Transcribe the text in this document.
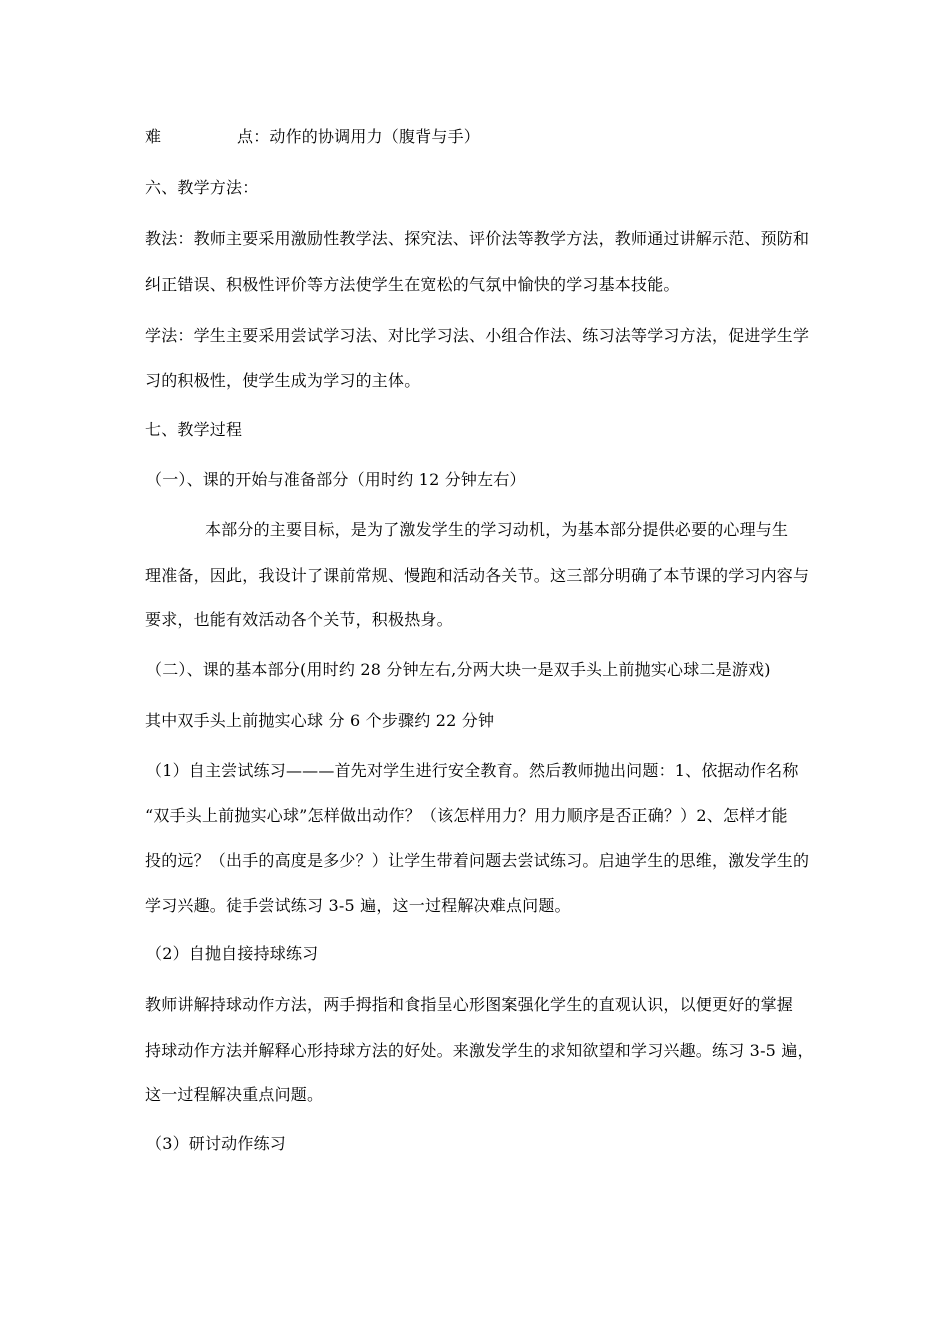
难	点：动作的协调用力（腹背与手）
六、教学方法：
教法：教师主要采用激励性教学法、探究法、评价法等教学方法，教师通过讲解示范、预防和
纠正错误、积极性评价等方法使学生在宽松的气氛中愉快的学习基本技能。
学法：学生主要采用尝试学习法、对比学习法、小组合作法、练习法等学习方法，促进学生学
习的积极性，使学生成为学习的主体。
七、教学过程
（一）、课的开始与准备部分（用时约 12 分钟左右）
本部分的主要目标，是为了激发学生的学习动机，为基本部分提供必要的心理与生
理准备，因此，我设计了课前常规、慢跑和活动各关节。这三部分明确了本节课的学习内容与
要求，也能有效活动各个关节，积极热身。
（二）、课的基本部分(用时约 28 分钟左右,分两大块一是双手头上前抛实心球二是游戏)
其中双手头上前抛实心球 分 6 个步骤约 22 分钟
（1）自主尝试练习———首先对学生进行安全教育。然后教师抛出问题：1、依据动作名称
“双手头上前抛实心球”怎样做出动作？（该怎样用力？用力顺序是否正确？）2、怎样才能
投的远？（出手的高度是多少？）让学生带着问题去尝试练习。启迪学生的思维，激发学生的
学习兴趣。徒手尝试练习 3-5 遍，这一过程解决难点问题。
（2）自抛自接持球练习
教师讲解持球动作方法，两手拇指和食指呈心形图案强化学生的直观认识，以便更好的掌握
持球动作方法并解释心形持球方法的好处。来激发学生的求知欲望和学习兴趣。练习 3-5 遍，
这一过程解决重点问题。
（3）研讨动作练习
